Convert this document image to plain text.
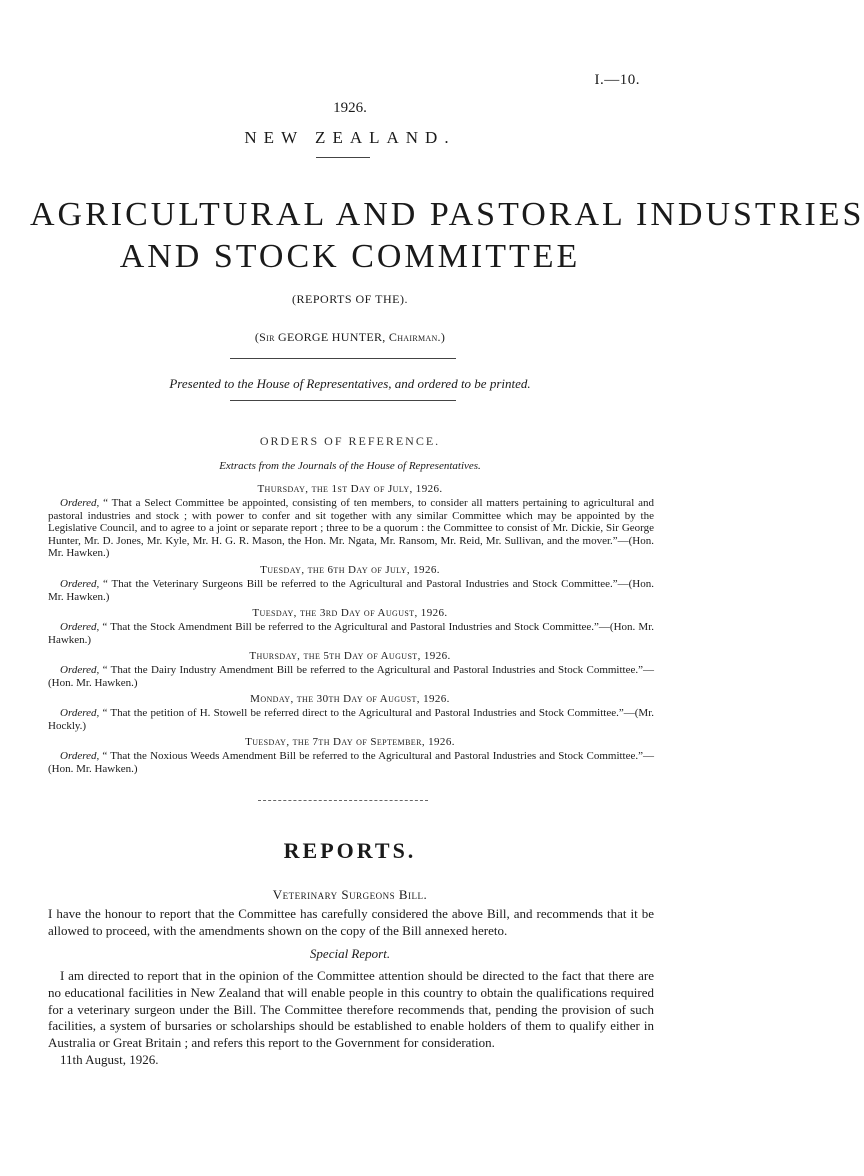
I.—10.
1926.
NEW ZEALAND.
AGRICULTURAL AND PASTORAL INDUSTRIES
AND STOCK COMMITTEE
(REPORTS OF THE).
(Sir GEORGE HUNTER, Chairman.)
Presented to the House of Representatives, and ordered to be printed.
ORDERS OF REFERENCE.
Extracts from the Journals of the House of Representatives.
Thursday, the 1st Day of July, 1926.
Ordered, “ That a Select Committee be appointed, consisting of ten members, to consider all matters pertaining to agricultural and pastoral industries and stock ; with power to confer and sit together with any similar Committee which may be appointed by the Legislative Council, and to agree to a joint or separate report ; three to be a quorum : the Committee to consist of Mr. Dickie, Sir George Hunter, Mr. D. Jones, Mr. Kyle, Mr. H. G. R. Mason, the Hon. Mr. Ngata, Mr. Ransom, Mr. Reid, Mr. Sullivan, and the mover.”—(Hon. Mr. Hawken.)
Tuesday, the 6th Day of July, 1926.
Ordered, “ That the Veterinary Surgeons Bill be referred to the Agricultural and Pastoral Industries and Stock Committee.”—(Hon. Mr. Hawken.)
Tuesday, the 3rd Day of August, 1926.
Ordered, “ That the Stock Amendment Bill be referred to the Agricultural and Pastoral Industries and Stock Committee.”—(Hon. Mr. Hawken.)
Thursday, the 5th Day of August, 1926.
Ordered, “ That the Dairy Industry Amendment Bill be referred to the Agricultural and Pastoral Industries and Stock Committee.”—(Hon. Mr. Hawken.)
Monday, the 30th Day of August, 1926.
Ordered, “ That the petition of H. Stowell be referred direct to the Agricultural and Pastoral Industries and Stock Committee.”—(Mr. Hockly.)
Tuesday, the 7th Day of September, 1926.
Ordered, “ That the Noxious Weeds Amendment Bill be referred to the Agricultural and Pastoral Industries and Stock Committee.”—(Hon. Mr. Hawken.)
REPORTS.
Veterinary Surgeons Bill.
I have the honour to report that the Committee has carefully considered the above Bill, and recommends that it be allowed to proceed, with the amendments shown on the copy of the Bill annexed hereto.
Special Report.
I am directed to report that in the opinion of the Committee attention should be directed to the fact that there are no educational facilities in New Zealand that will enable people in this country to obtain the qualifications required for a veterinary surgeon under the Bill. The Committee therefore recommends that, pending the provision of such facilities, a system of bursaries or scholarships should be established to enable holders of them to qualify either in Australia or Great Britain ; and refers this report to the Government for consideration.
11th August, 1926.
